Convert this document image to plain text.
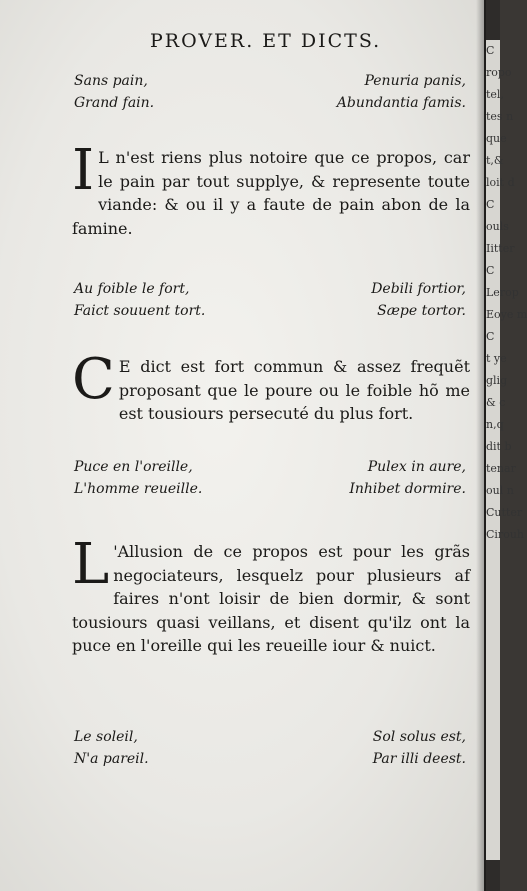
PROVER. ET DICTS.
Sans pain,	Penuria panis,
Grand fain.	Abundantia famis.

I L n'est riens plus notoire que ce propos, car le pain par tout supplye, & represente toute viande: & ou il y a faute de pain abon de la famine.

Au foible le fort,	Debili fortior,
Faict souuent tort.	Sæpe tortor.

C E dict est fort commun & assez frequẽt proposant que le poure ou le foible hõ me est tousiours persecuté du plus fort.

Puce en l'oreille,	Pulex in aure,
L'homme reueille.	Inhibet dormire.

L 'Allusion de ce propos est pour les grãs negociateurs, lesquelz pour plusieurs af faires n'ont loisir de bien dormir, & sont tousiours quasi veillans, et disent qu'ilz ont la puce en l'oreille qui les reueille iour & nuict.

Le soleil,	Sol solus est,
N'a pareil.	Par illi deest.
C
ropo
tel,
tes n
que
t,&
loit d
C
ouls
Iitter
C
Lerop
Eoye m
C
t ye
glig
& c
n,q
dit b
tenar
oul n
Cutter
Cirouh
